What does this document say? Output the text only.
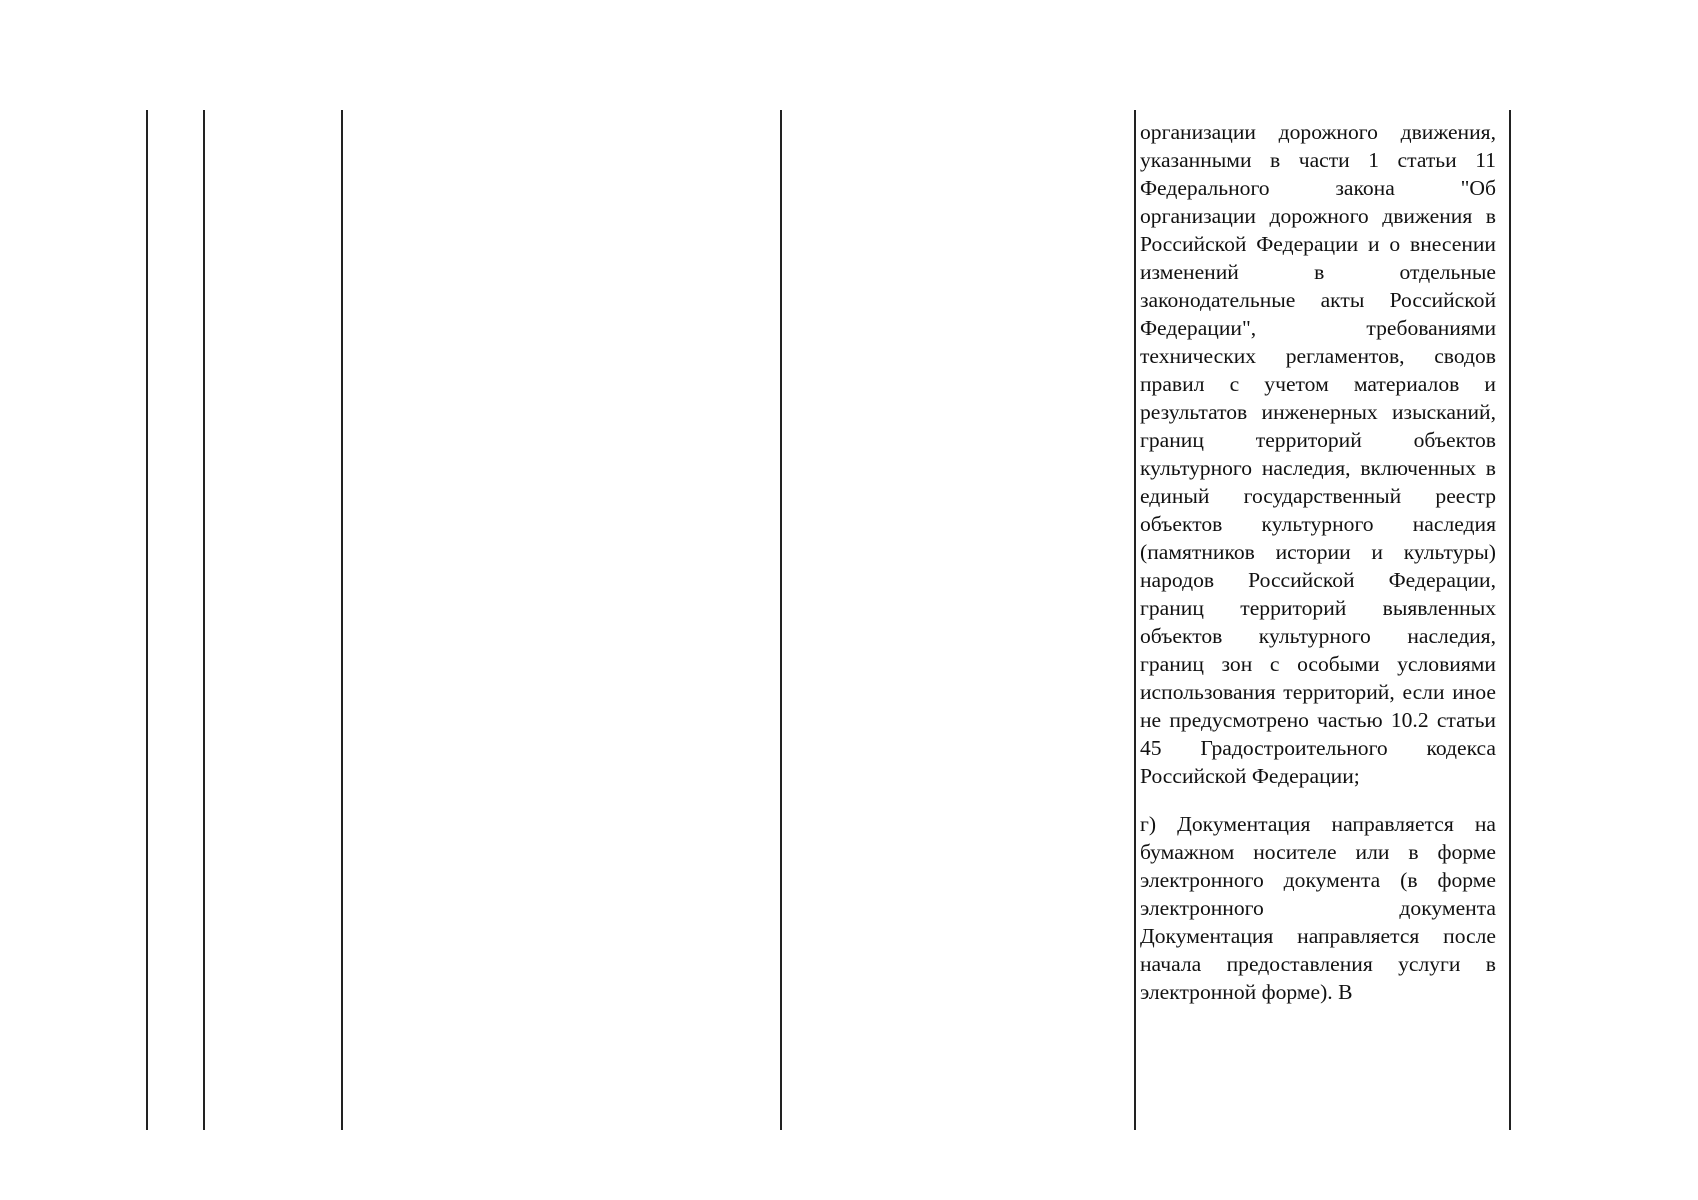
организации дорожного движения, указанными в части 1 статьи 11 Федерального закона "Об организации дорожного движения в Российской Федерации и о внесении изменений в отдельные законодательные акты Российской Федерации", требованиями технических регламентов, сводов правил с учетом материалов и результатов инженерных изысканий, границ территорий объектов культурного наследия, включенных в единый государственный реестр объектов культурного наследия (памятников истории и культуры) народов Российской Федерации, границ территорий выявленных объектов культурного наследия, границ зон с особыми условиями использования территорий, если иное не предусмотрено частью 10.2 статьи 45 Градостроительного кодекса Российской Федерации;

г) Документация направляется на бумажном носителе или в форме электронного документа (в форме электронного документа Документация направляется после начала предоставления услуги в электронной форме). В
